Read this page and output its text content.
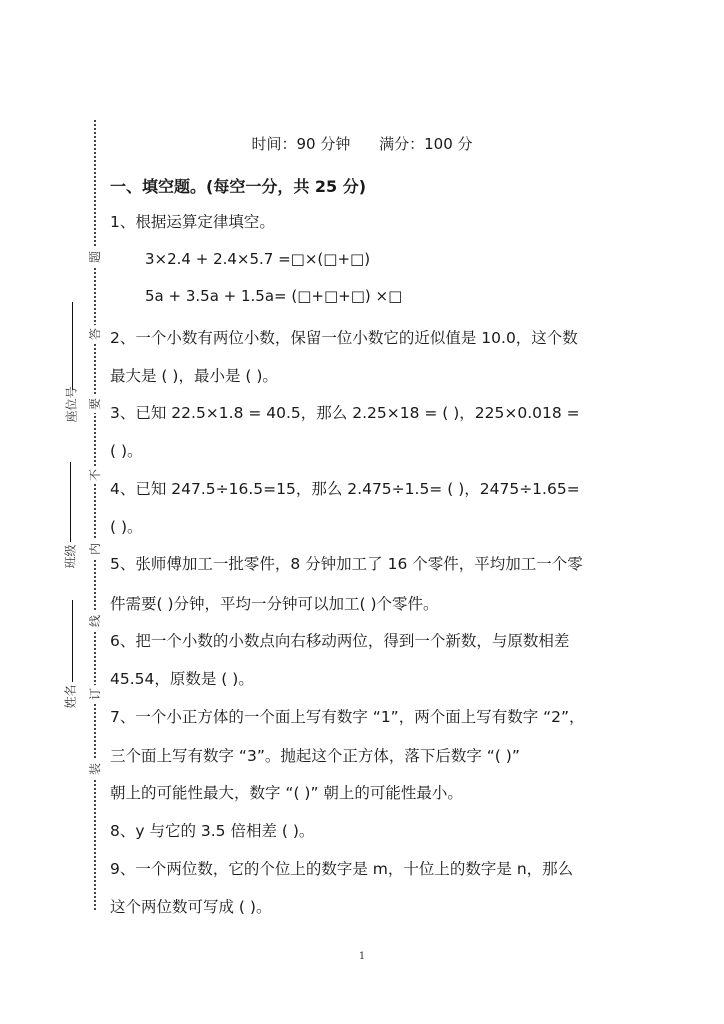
题
答
要
不
内
线
订
装
座位号
班级
姓名
时间：90 分钟 满分：100 分
一、填空题。(每空一分，共 25 分)
1、根据运算定律填空。
3×2.4 + 2.4×5.7 =□×(□+□)
5a + 3.5a + 1.5a= (□+□+□) ×□
2、一个小数有两位小数，保留一位小数它的近似值是 10.0，这个数
最大是 ( )，最小是 ( )。
3、已知 22.5×1.8 = 40.5，那么 2.25×18 = ( )，225×0.018 =
( )。
4、已知 247.5÷16.5=15，那么 2.475÷1.5= ( )，2475÷1.65=
( )。
5、张师傅加工一批零件，8 分钟加工了 16 个零件，平均加工一个零
件需要( )分钟，平均一分钟可以加工( )个零件。
6、把一个小数的小数点向右移动两位，得到一个新数，与原数相差
45.54，原数是 ( )。
7、一个小正方体的一个面上写有数字 “1”，两个面上写有数字 “2”，
三个面上写有数字 “3”。抛起这个正方体，落下后数字 “( )”
朝上的可能性最大，数字 “( )” 朝上的可能性最小。
8、y 与它的 3.5 倍相差 ( )。
9、一个两位数，它的个位上的数字是 m，十位上的数字是 n，那么
这个两位数可写成 ( )。
1
